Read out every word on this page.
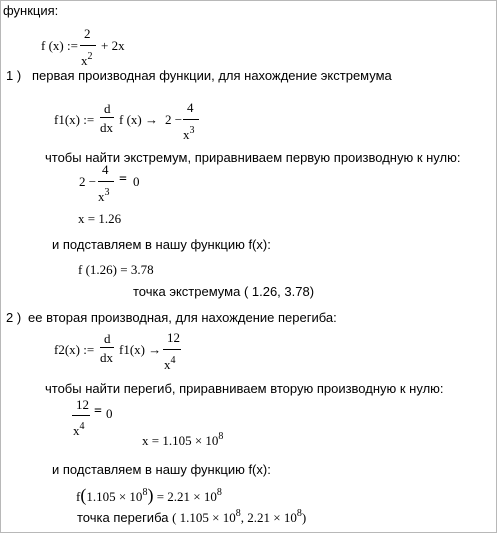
функция:
f (x) :=
2
$x^2$
+ 2x
1 ) первая производная функции, для нахождение экстремума
f1(x) :=
d
dx
f (x) → 2 −
4
$x^3$
чтобы найти экстремум, приравниваем первую производную к нулю:
2 −
4
$x^3$
= 0
x = 1.26
и подставляем в нашу функцию f(x):
f (1.26) = 3.78
точка экстремума ( 1.26, 3.78)
2 ) ее вторая производная, для нахождение перегиба:
f2(x) :=
d
dx
f1(x) →
12
$x^4$
чтобы найти перегиб, приравниваем вторую производную к нулю:
12
$x^4$
= 0
$x = 1.105 \times 10^8$
и подставляем в нашу функцию f(x):
$f(1.105 \times 10^8) = 2.21 \times 10^8$
точка перегиба ( $1.105 \times 10^8$, $2.21 \times 10^8$)
